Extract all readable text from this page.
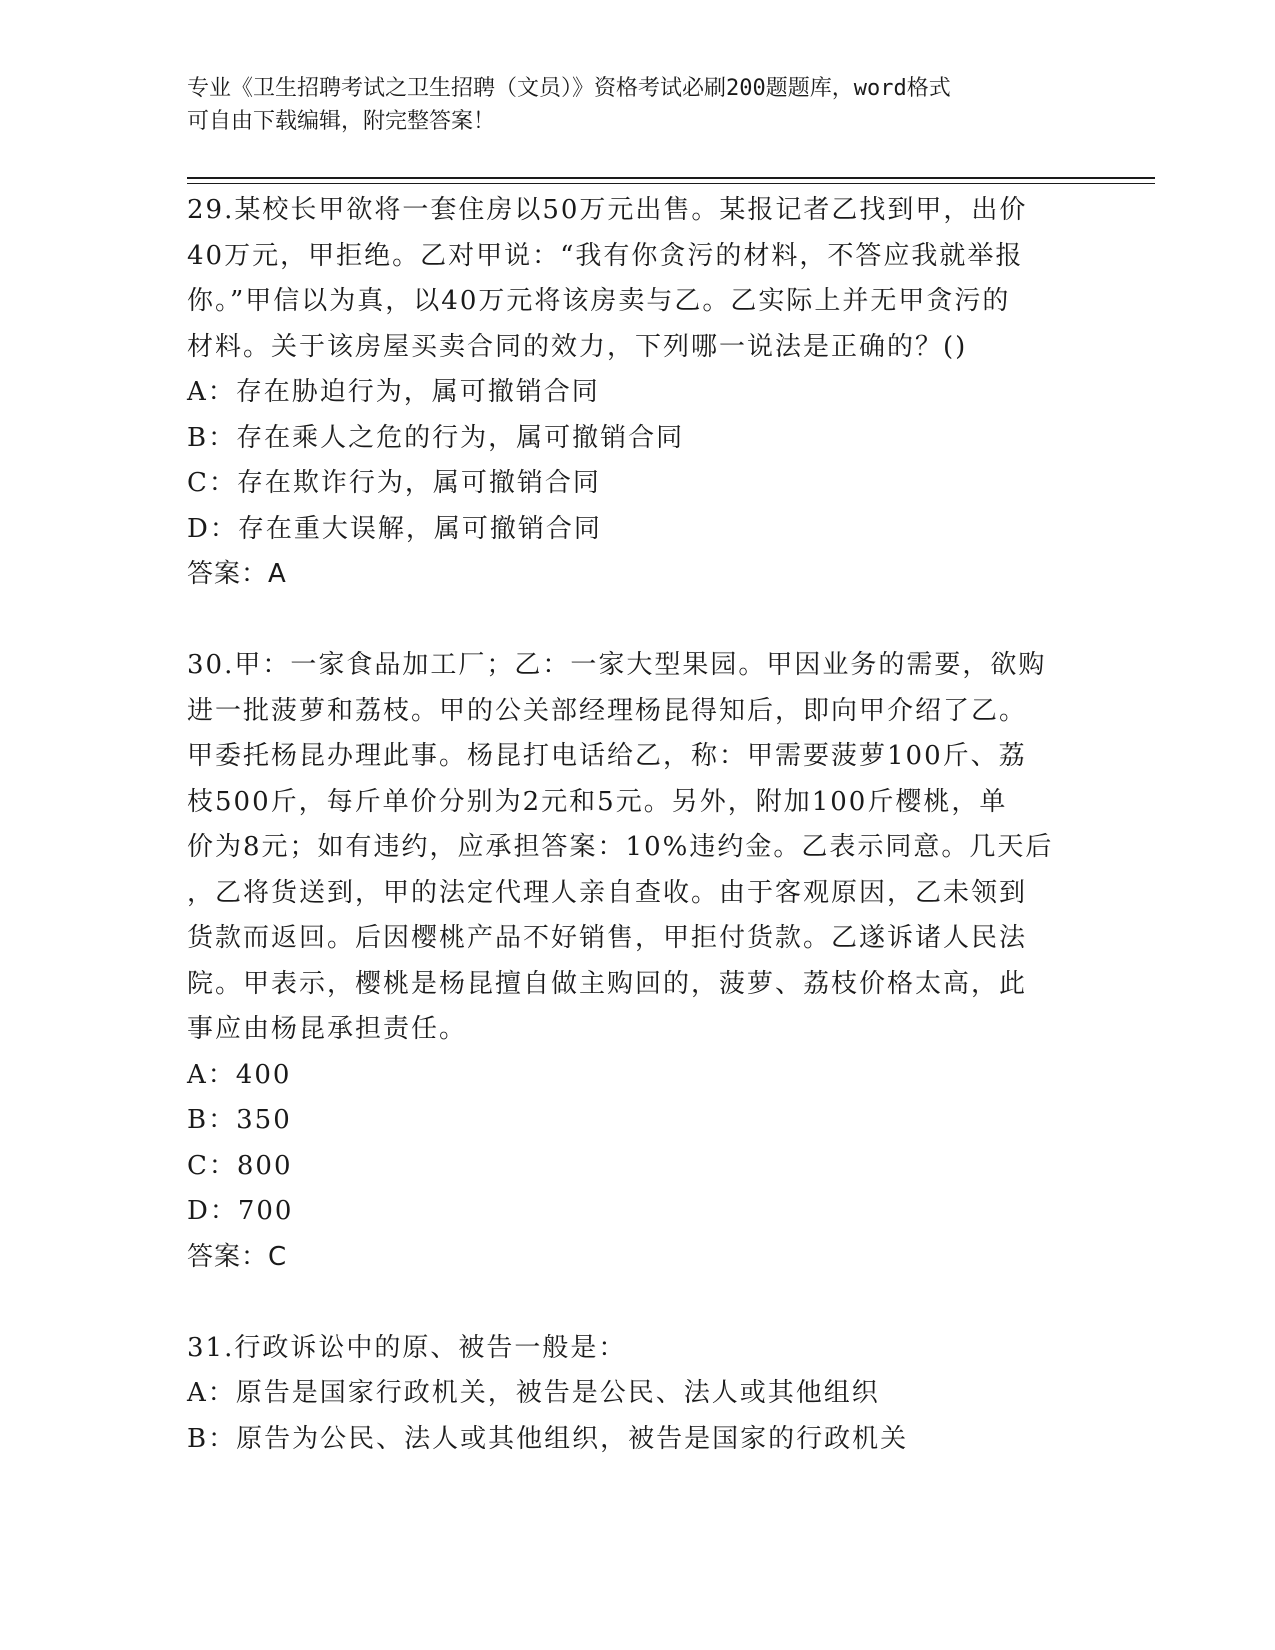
专业《卫生招聘考试之卫生招聘（文员）》资格考试必刷200题题库，word格式
可自由下载编辑，附完整答案！

29.某校长甲欲将一套住房以50万元出售。某报记者乙找到甲，出价
40万元，甲拒绝。乙对甲说：“我有你贪污的材料，不答应我就举报
你。”甲信以为真，以40万元将该房卖与乙。乙实际上并无甲贪污的
材料。关于该房屋买卖合同的效力，下列哪一说法是正确的？()

A：存在胁迫行为，属可撤销合同

B：存在乘人之危的行为，属可撤销合同

C：存在欺诈行为，属可撤销合同

D：存在重大误解，属可撤销合同

答案：A

30.甲：一家食品加工厂；乙：一家大型果园。甲因业务的需要，欲购
进一批菠萝和荔枝。甲的公关部经理杨昆得知后，即向甲介绍了乙。
甲委托杨昆办理此事。杨昆打电话给乙，称：甲需要菠萝100斤、荔
枝500斤，每斤单价分别为2元和5元。另外，附加100斤樱桃，单
价为8元；如有违约，应承担答案：10%违约金。乙表示同意。几天后
，乙将货送到，甲的法定代理人亲自查收。由于客观原因，乙未领到
货款而返回。后因樱桃产品不好销售，甲拒付货款。乙遂诉诸人民法
院。甲表示，樱桃是杨昆擅自做主购回的，菠萝、荔枝价格太高，此
事应由杨昆承担责任。

A：400

B：350

C：800

D：700

答案：C

31.行政诉讼中的原、被告一般是：

A：原告是国家行政机关，被告是公民、法人或其他组织

B：原告为公民、法人或其他组织，被告是国家的行政机关
